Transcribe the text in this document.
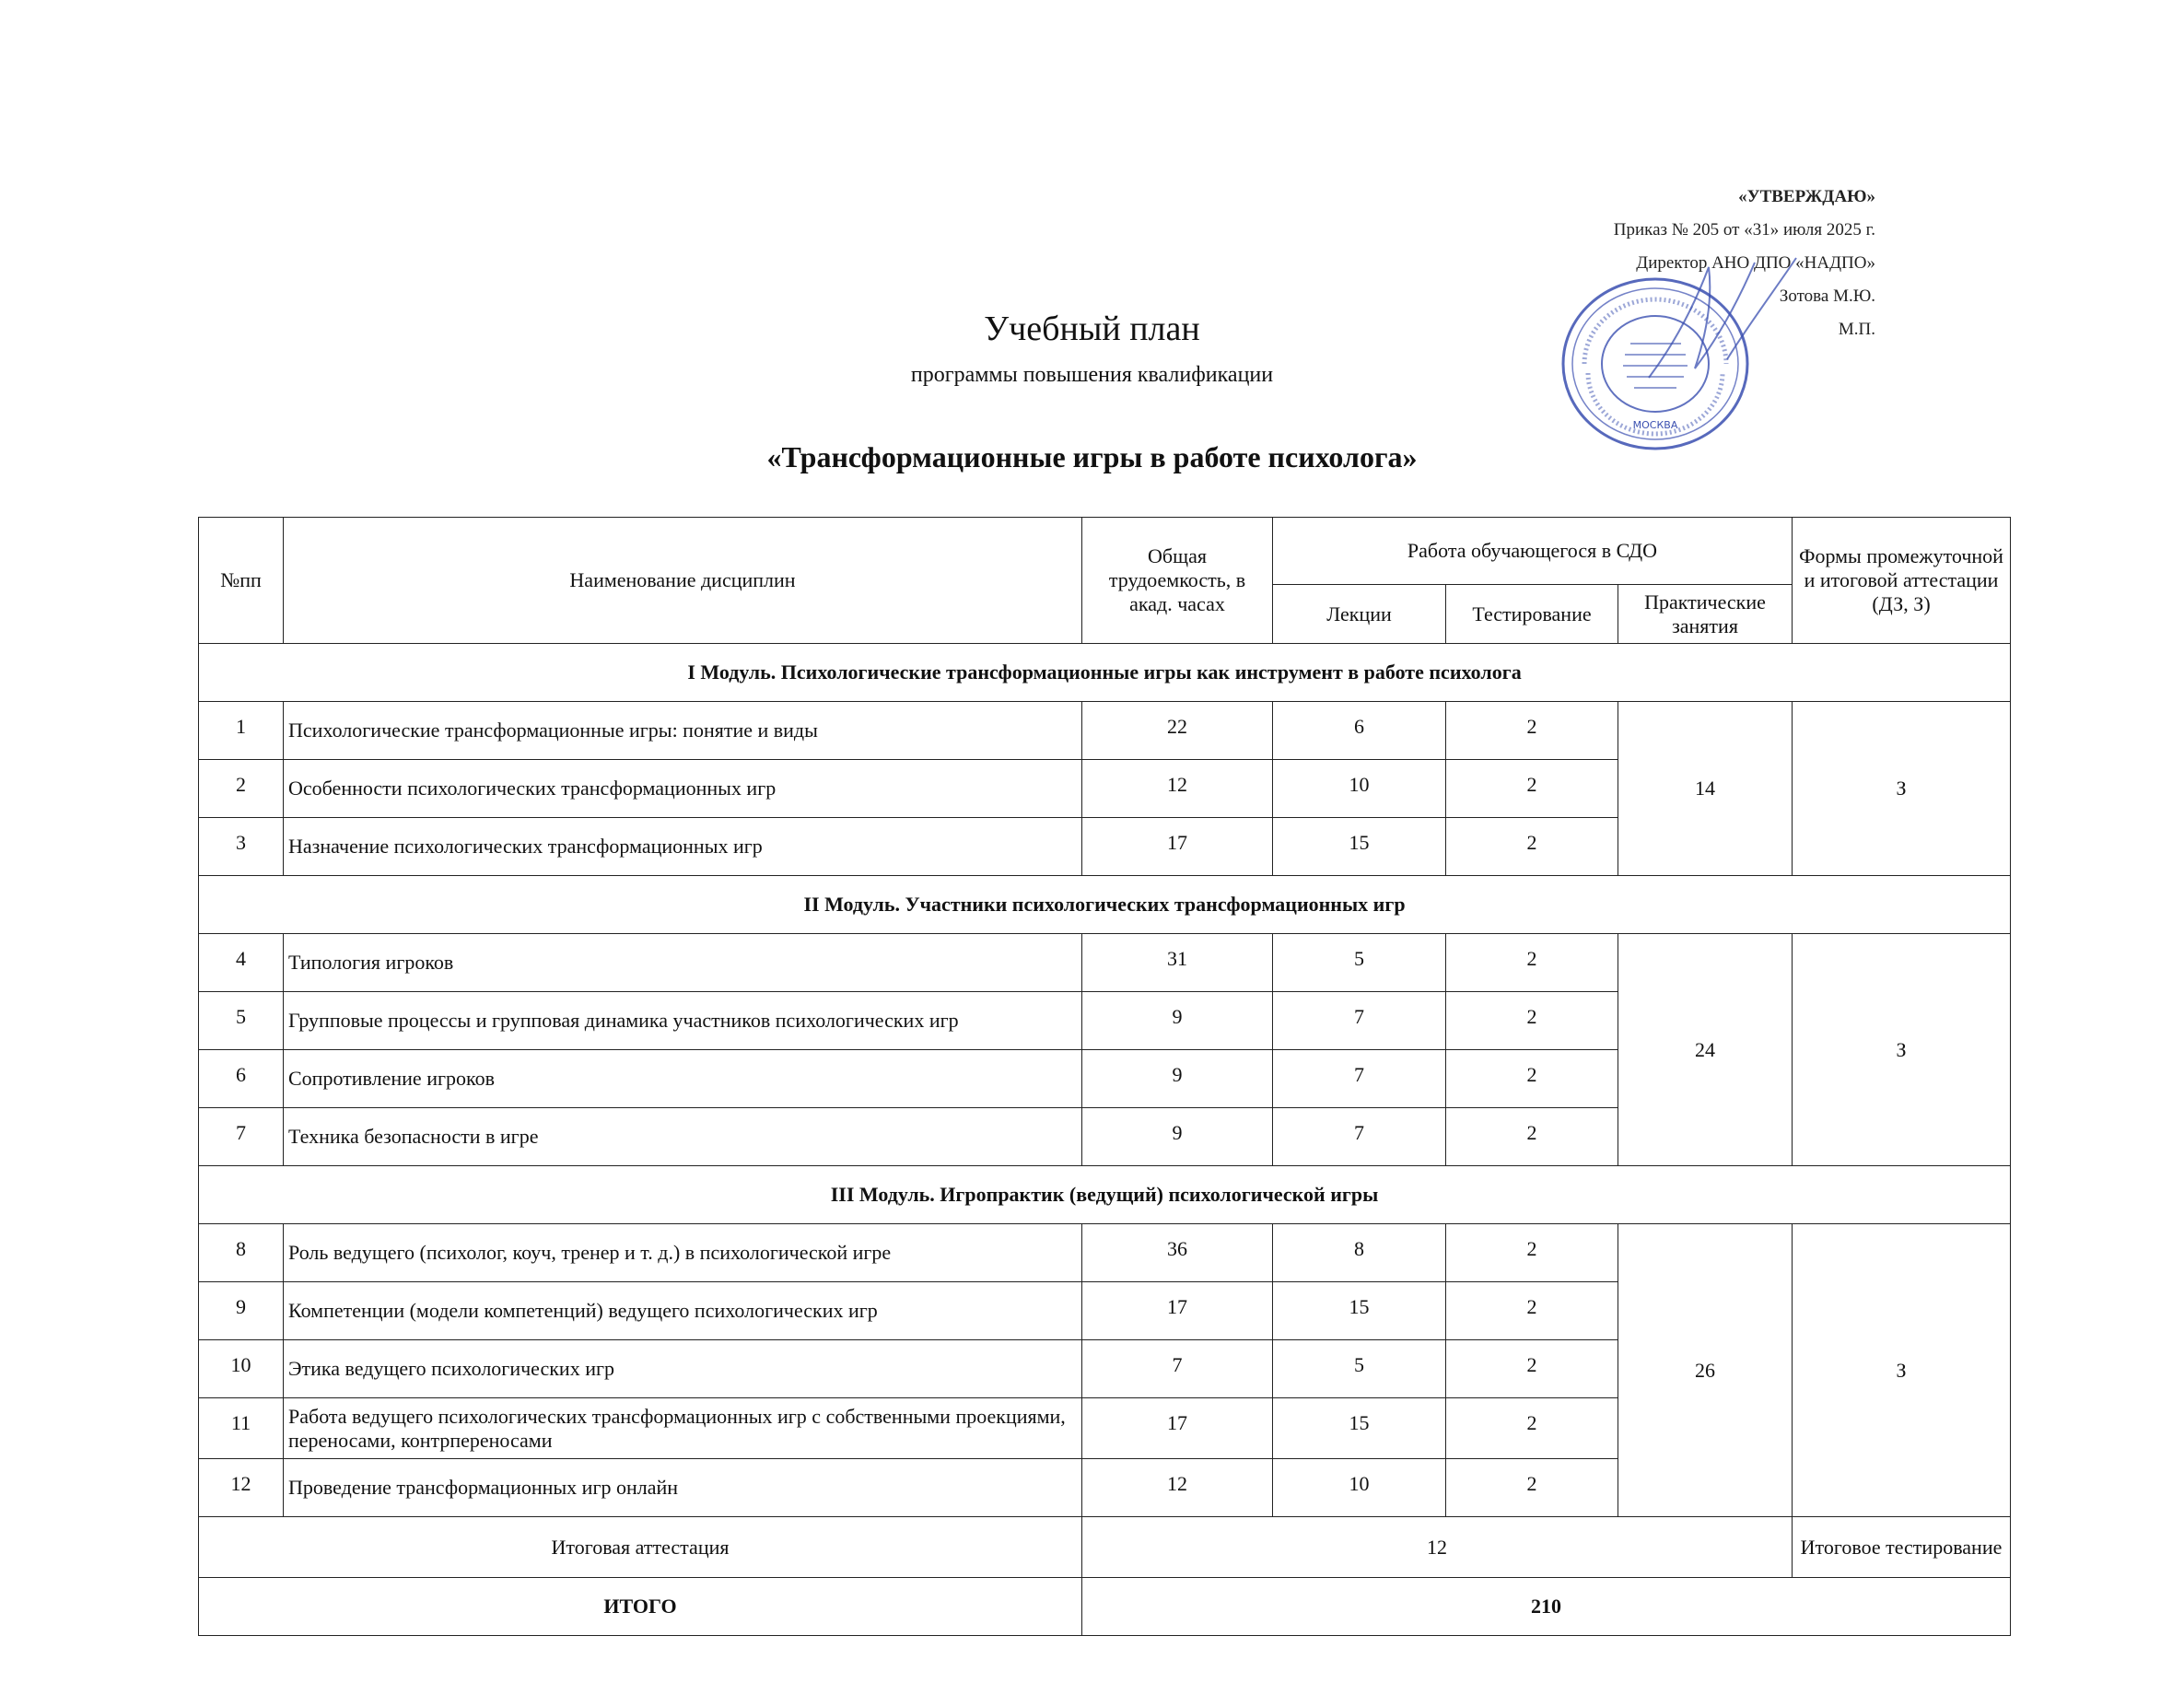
«УТВЕРЖДАЮ»
Приказ № 205 от «31» июля 2025 г.
Директор АНО ДПО «НАДПО»
Зотова М.Ю.
М.П.
МОСКВА
Учебный план
программы повышения квалификации
«Трансформационные игры в работе психолога»
№пп	Наименование дисциплин	Общая трудоемкость, в акад. часах	Работа обучающегося в СДО			Формы промежуточной и итоговой аттестации (ДЗ, З)
			Лекции	Тестирование	Практические занятия	
I Модуль. Психологические трансформационные игры как инструмент в работе психолога						
1	Психологические трансформационные игры: понятие и виды	22	6	2	14	З
2	Особенности психологических трансформационных игр	12	10	2		
3	Назначение психологических трансформационных игр	17	15	2		
II Модуль. Участники психологических трансформационных игр						
4	Типология игроков	31	5	2	24	З
5	Групповые процессы и групповая динамика участников психологических игр	9	7	2		
6	Сопротивление игроков	9	7	2		
7	Техника безопасности в игре	9	7	2		
III Модуль. Игропрактик (ведущий) психологической игры						
8	Роль ведущего (психолог, коуч, тренер и т. д.) в психологической игре	36	8	2	26	З
9	Компетенции (модели компетенций) ведущего психологических игр	17	15	2		
10	Этика ведущего психологических игр	7	5	2		
11	Работа ведущего психологических трансформационных игр с собственными проекциями, переносами, контрпереносами	17	15	2		
12	Проведение трансформационных игр онлайн	12	10	2		
Итоговая аттестация		12				Итоговое тестирование
ИТОГО		210				
